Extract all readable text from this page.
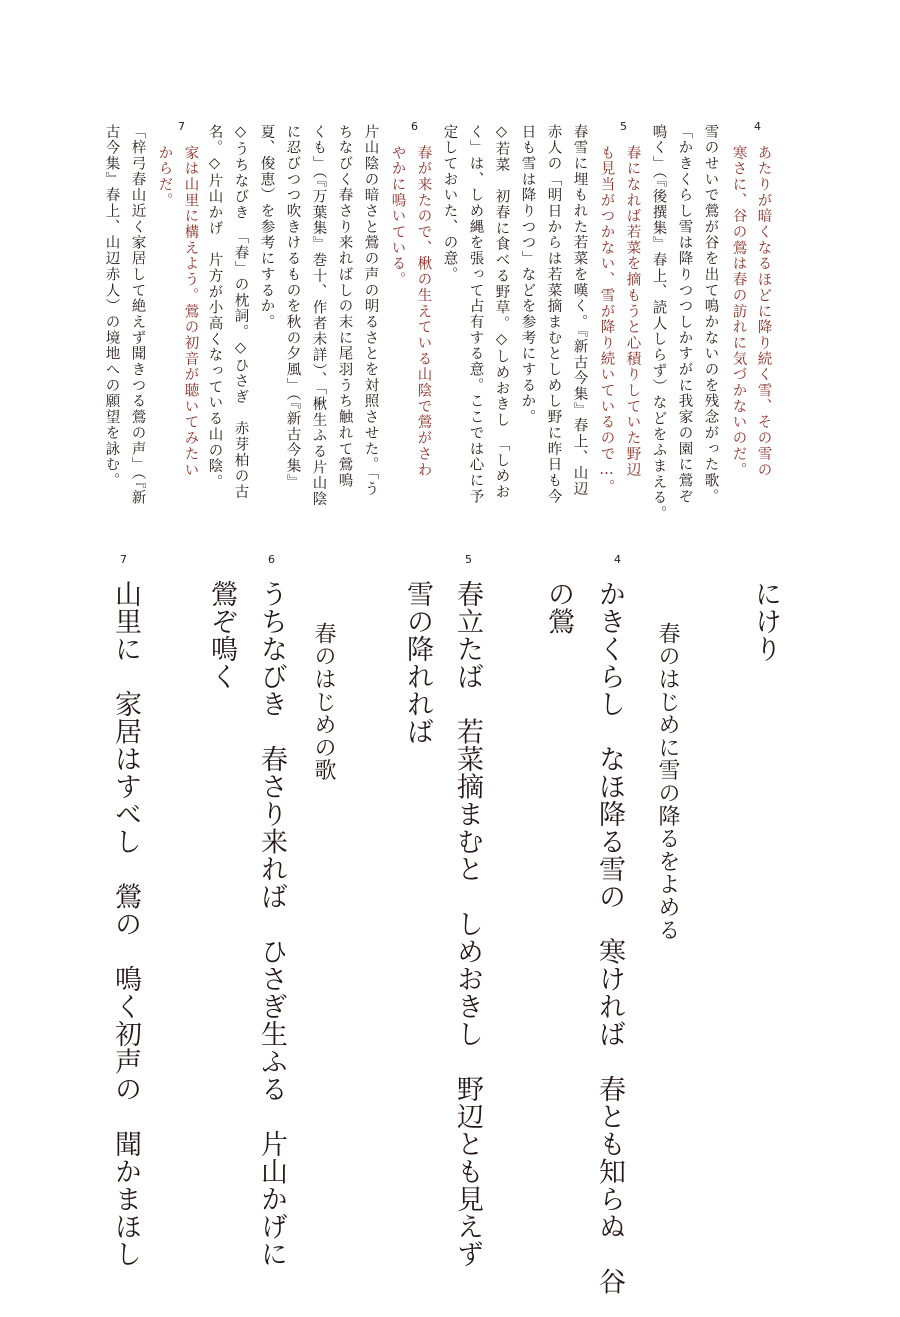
4
あたりが暗くなるほどに降り続く雪、その雪の
寒さに、谷の鶯は春の訪れに気づかないのだ。
雪のせいで鶯が谷を出て鳴かないのを残念がった歌。
「かきくらし雪は降りつつしかすがに我家の園に鶯ぞ
鳴く」（『後撰集』春上、読人しらず）などをふまえる。
5
春になれば若菜を摘もうと心積りしていた野辺
も見当がつかない、雪が降り続いているので…。
春雪に埋もれた若菜を嘆く。『新古今集』春上、山辺
赤人の「明日からは若菜摘まむとしめし野に昨日も今
日も雪は降りつつ」などを参考にするか。
◇若菜　初春に食べる野草。◇しめおきし　「しめお
く」は、しめ縄を張って占有する意。ここでは心に予
定しておいた、の意。
6
春が来たので、楸の生えている山陰で鶯がさわ
やかに鳴いている。
片山陰の暗さと鶯の声の明るさとを対照させた。「う
ちなびく春さり来ればしの末に尾羽うち触れて鶯鳴
くも」（『万葉集』巻十、作者未詳）、「楸生ふる片山陰
に忍びつつ吹きけるものを秋の夕風」（『新古今集』
夏、俊恵）を参考にするか。
◇うちなびき　「春」の枕詞。◇ひさぎ　赤芽柏の古
名。◇片山かげ　片方が小高くなっている山の陰。
7
家は山里に構えよう。鶯の初音が聴いてみたい
からだ。
「梓弓春山近く家居して絶えず聞きつる鶯の声」（『新
古今集』春上、山辺赤人）の境地への願望を詠む。
にけり
春のはじめに雪の降るをよめる
4
かきくらし　なほ降る雪の　寒ければ　春とも知らぬ　谷
の鶯
5
春立たば　若菜摘まむと　しめおきし　野辺とも見えず
雪の降れれば
春のはじめの歌
6
うちなびき　春さり来れば　ひさぎ生ふる　片山かげに
鶯ぞ鳴く
7
山里に　家居はすべし　鶯の　鳴く初声の　聞かまほし
